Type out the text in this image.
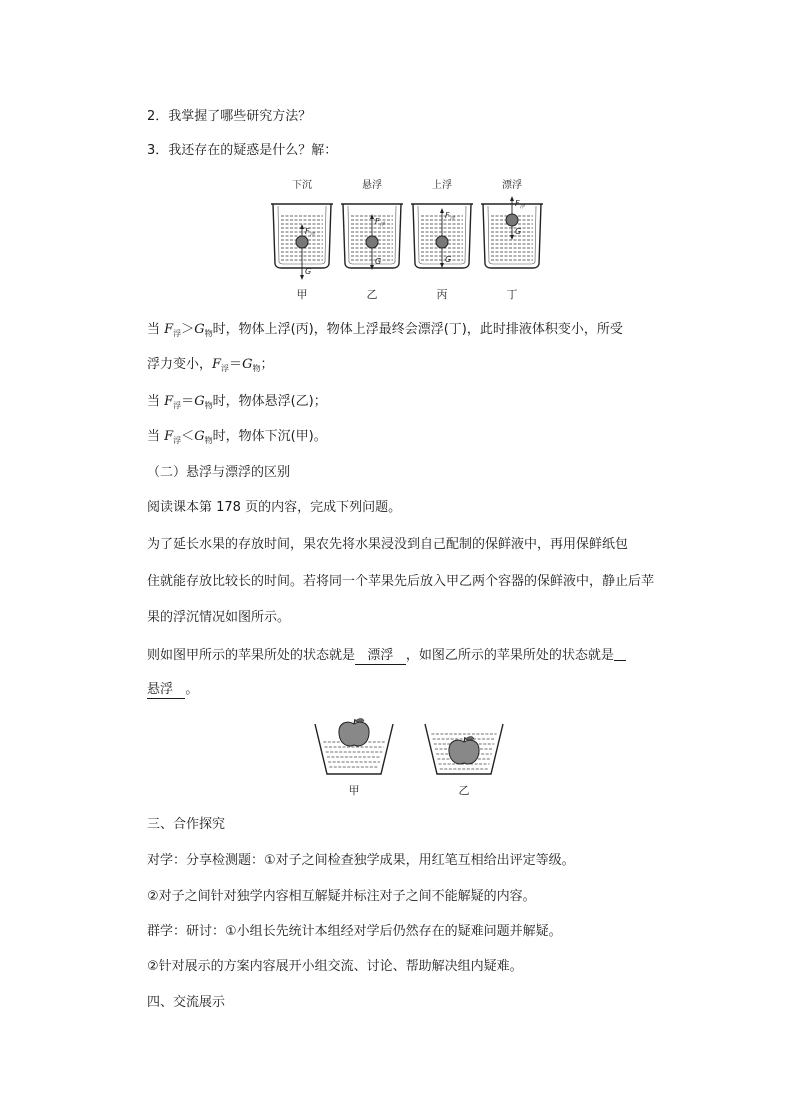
2．我掌握了哪些研究方法？
3．我还存在的疑惑是什么？解：
下沉
$F_浮$
G
甲
悬浮
$F_浮$
G
乙
上浮
$F_浮$
G
丙
漂浮
$F_浮$
G
丁
当 $F_浮>G_物$时，物体上浮(丙)，物体上浮最终会漂浮(丁)，此时排液体积变小，所受
浮力变小，$F_浮=G_物$；
当 $F_浮=G_物$时，物体悬浮(乙)；
当 $F_浮<G_物$时，物体下沉(甲)。
（二）悬浮与漂浮的区别
阅读课本第 178 页的内容，完成下列问题。
为了延长水果的存放时间，果农先将水果浸没到自己配制的保鲜液中，再用保鲜纸包
住就能存放比较长的时间。若将同一个苹果先后放入甲乙两个容器的保鲜液中，静止后苹
果的浮沉情况如图所示。
则如图甲所示的苹果所处的状态就是 漂浮 ，如图乙所示的苹果所处的状态就是
悬浮 。
甲	乙
三、合作探究
对学：分享检测题：①对子之间检查独学成果，用红笔互相给出评定等级。
②对子之间针对独学内容相互解疑并标注对子之间不能解疑的内容。
群学：研讨：①小组长先统计本组经对学后仍然存在的疑难问题并解疑。
②针对展示的方案内容展开小组交流、讨论、帮助解决组内疑难。
四、交流展示
